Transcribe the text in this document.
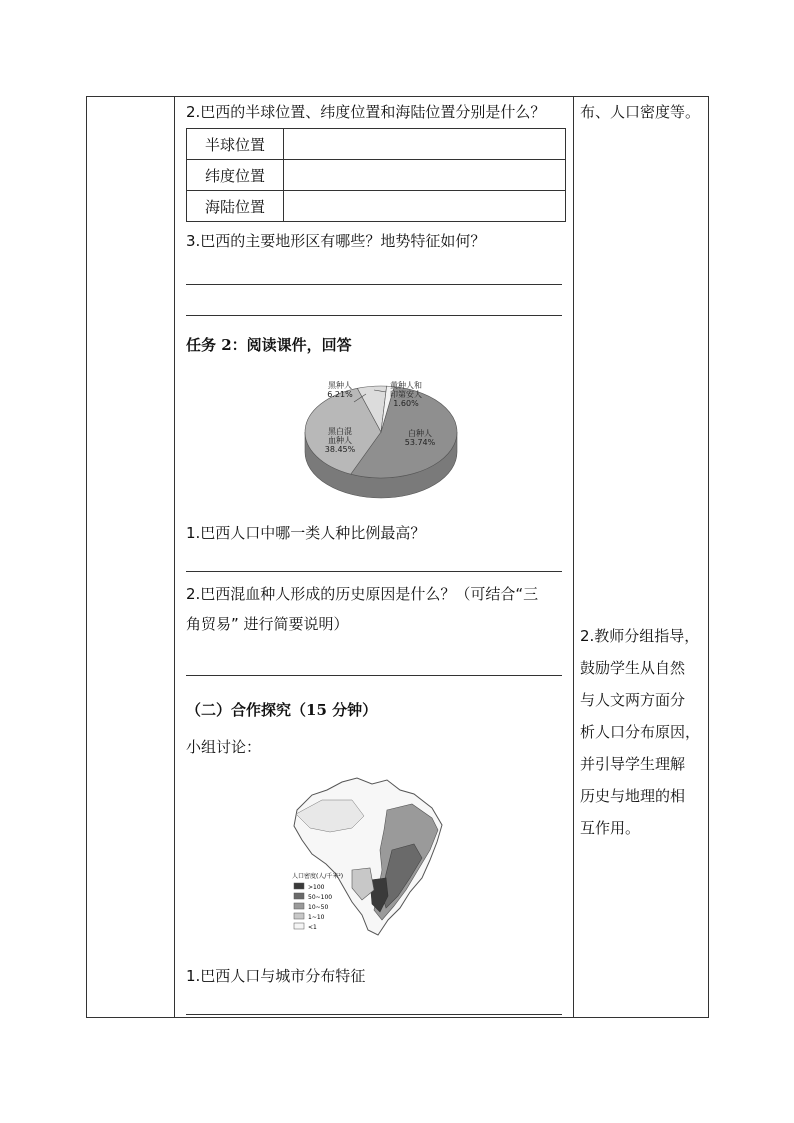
2.巴西的半球位置、纬度位置和海陆位置分别是什么？
半球位置	
纬度位置	
海陆位置	
3.巴西的主要地形区有哪些？地势特征如何？
任务 2：阅读课件，回答
白种人
53.74%
黑白混
血种人
38.45%
黑种人
6.21%
黄种人和
印第安人
1.60%
1.巴西人口中哪一类人种比例最高？
2.巴西混血种人形成的历史原因是什么？（可结合“三
角贸易” 进行简要说明）
（二）合作探究（15 分钟）
小组讨论：
人口密度(人/千米²)
>100
50~100
10~50
1~10
<1
1.巴西人口与城市分布特征
布、人口密度等。
2.教师分组指导，
鼓励学生从自然
与人文两方面分
析人口分布原因，
并引导学生理解
历史与地理的相
互作用。
